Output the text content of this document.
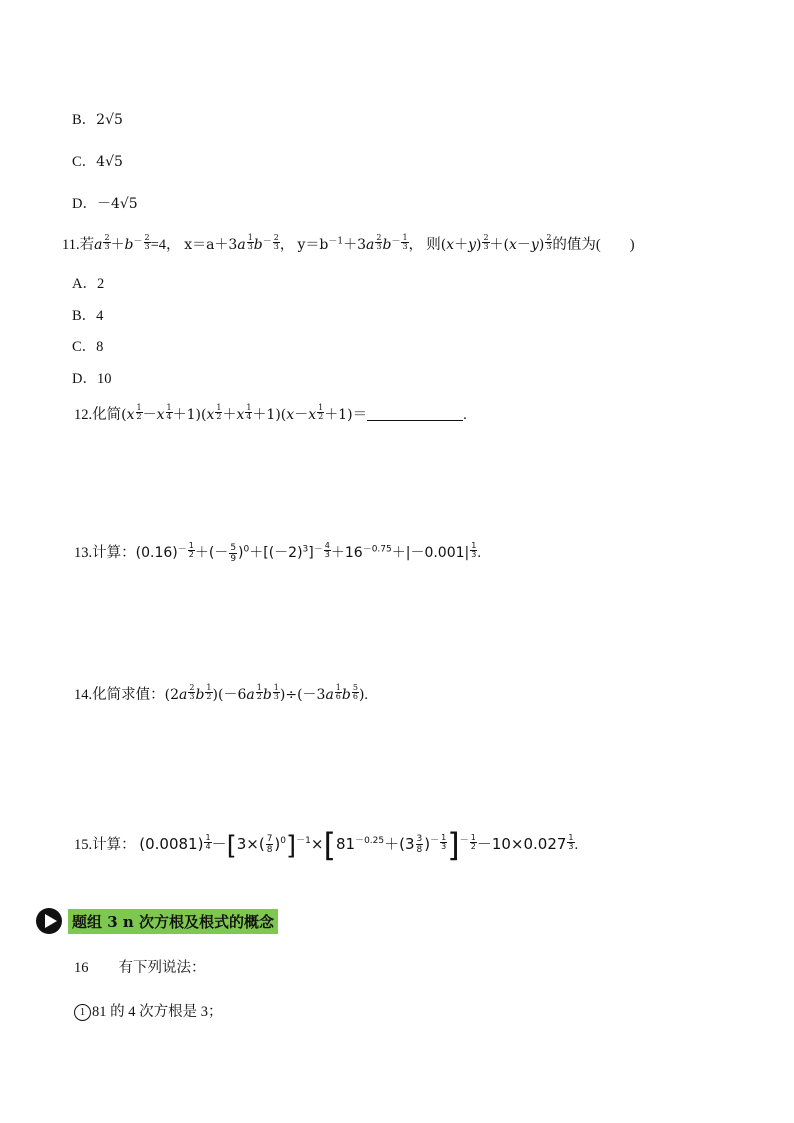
B．2√5
C．4√5
D．－4√5
11.若a $\frac{2}{3} +b^- \frac{2}{3} =4$， $x=a+3a \frac{1}{3} b^- \frac{2}{3}$ ， $y=b^{-1}+3a \frac{2}{3} b^- \frac{1}{3}$ ， 则$(x+y) \frac{2}{3} +(x-y) \frac{2}{3}$ 的值为(　　)
A．2
B．4
C．8
D．10
12.化简$(x \frac{1}{2} -x \frac{1}{4} +1)(x \frac{1}{2} +x \frac{1}{4} +1)(x-x \frac{1}{2} +1)=$	.
13.计算：$(0.16)^- \frac{1}{2}$ ＋(－ $\frac{5}{9} )^0+[(-2)^3]^- \frac{4}{3} +16^{-0.75}+|-0.001| \frac{1}{3}$ .
14.化简求值：($2a \frac{2}{3}$ b $\frac{1}{2} )(-6a \frac{1}{2}$ b $\frac{1}{3} )\div(-3a \frac{1}{6}$ b $\frac{5}{6}$ ).
15.计算： $(0.0081) \frac{1}{4} -[3\times( \frac{7}{8} )^0]^{-1}\times[81^{-0.25}+(3 \frac{3}{8} )^- \frac{1}{3} ]^- \frac{1}{2} -10\times 0.027 \frac{1}{3}$ .
题组 3 n 次方根及根式的概念
16 有下列说法：
1 81 的 4 次方根是 3；
